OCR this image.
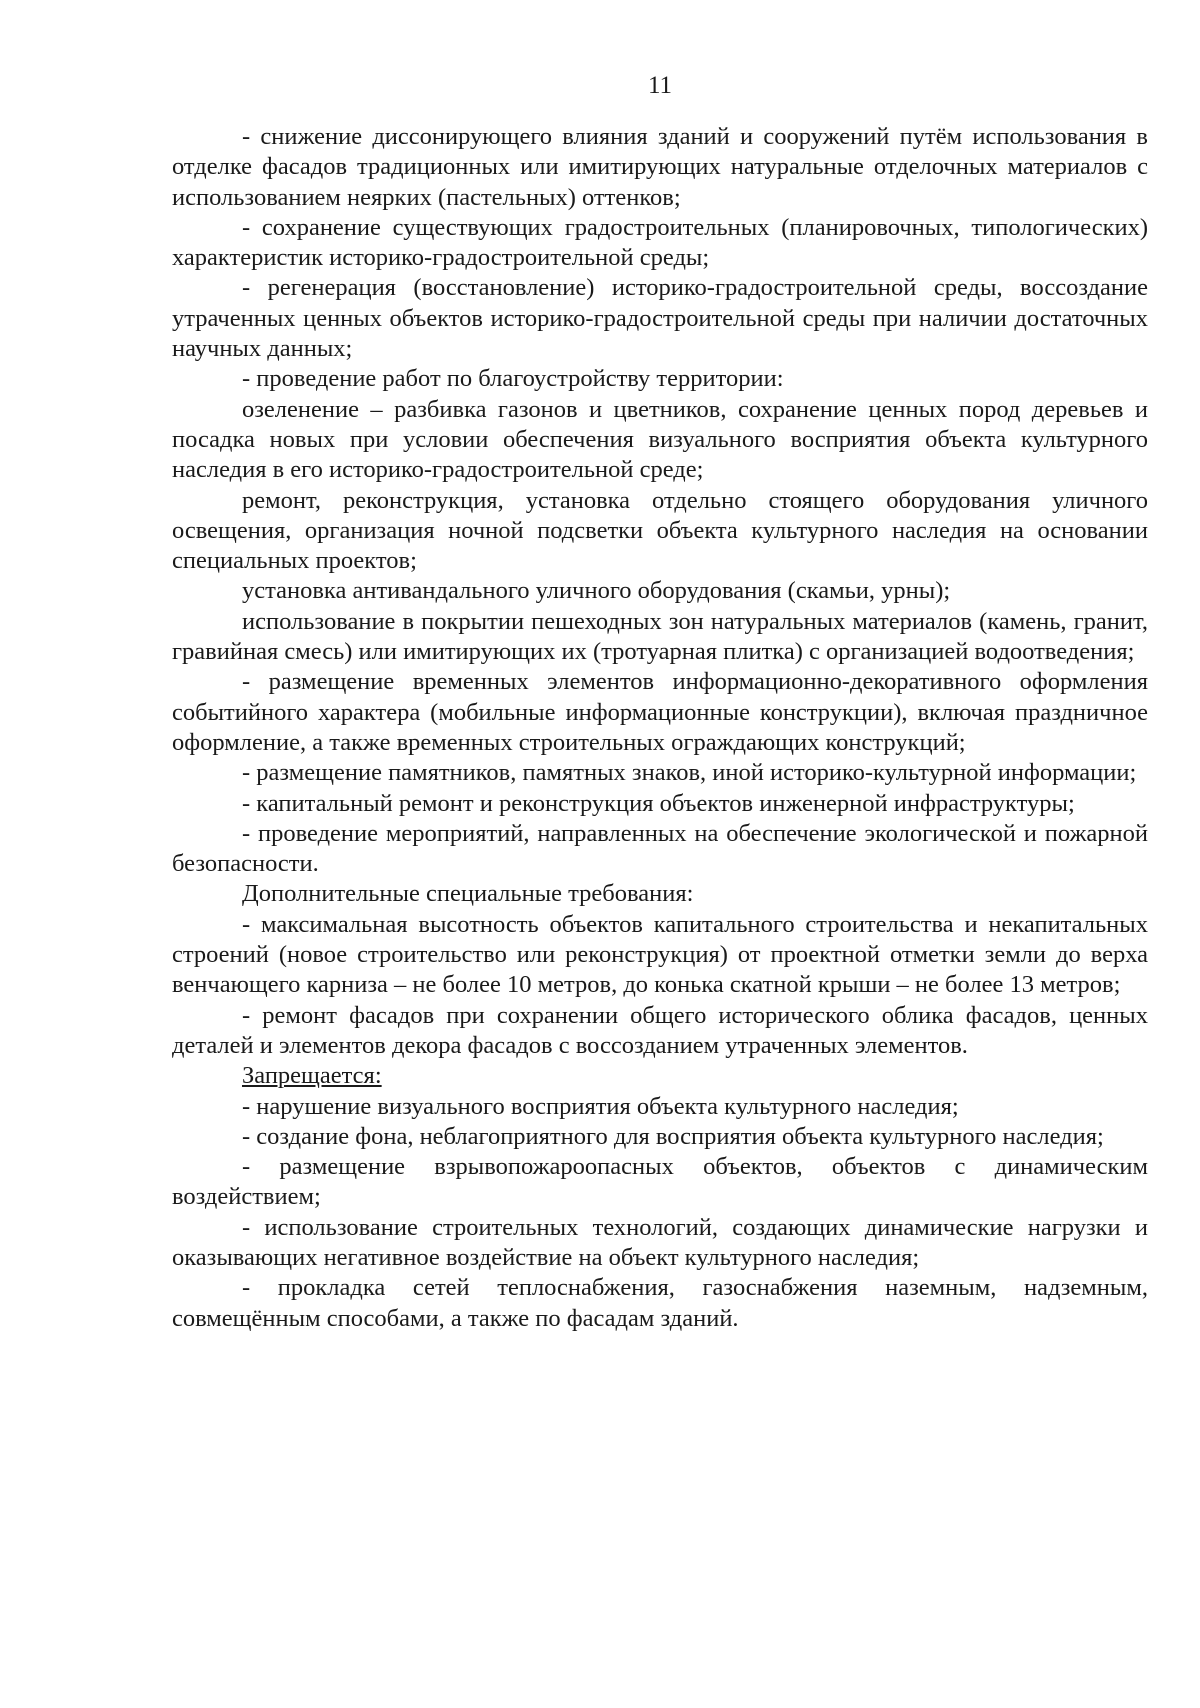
11

- снижение диссонирующего влияния зданий и сооружений путём использования в отделке фасадов традиционных или имитирующих натуральные отделочных материалов с использованием неярких (пастельных) оттенков;

- сохранение существующих градостроительных (планировочных, типологических) характеристик историко-градостроительной среды;

- регенерация (восстановление) историко-градостроительной среды, воссоздание утраченных ценных объектов историко-градостроительной среды при наличии достаточных научных данных;

- проведение работ по благоустройству территории:

озеленение – разбивка газонов и цветников, сохранение ценных пород деревьев и посадка новых при условии обеспечения визуального восприятия объекта культурного наследия в его историко-градостроительной среде;

ремонт, реконструкция, установка отдельно стоящего оборудования уличного освещения, организация ночной подсветки объекта культурного наследия на основании специальных проектов;

установка антивандального уличного оборудования (скамьи, урны);

использование в покрытии пешеходных зон натуральных материалов (камень, гранит, гравийная смесь) или имитирующих их (тротуарная плитка) с организацией водоотведения;

- размещение временных элементов информационно-декоративного оформления событийного характера (мобильные информационные конструкции), включая праздничное оформление, а также временных строительных ограждающих конструкций;

- размещение памятников, памятных знаков, иной историко-культурной информации;

- капитальный ремонт и реконструкция объектов инженерной инфраструктуры;

- проведение мероприятий, направленных на обеспечение экологической и пожарной безопасности.

Дополнительные специальные требования:

- максимальная высотность объектов капитального строительства и некапитальных строений (новое строительство или реконструкция) от проектной отметки земли до верха венчающего карниза – не более 10 метров, до конька скатной крыши – не более 13 метров;

- ремонт фасадов при сохранении общего исторического облика фасадов, ценных деталей и элементов декора фасадов с воссозданием утраченных элементов.

Запрещается:

- нарушение визуального восприятия объекта культурного наследия;

- создание фона, неблагоприятного для восприятия объекта культурного наследия;

- размещение взрывопожароопасных объектов, объектов с динамическим воздействием;

- использование строительных технологий, создающих динамические нагрузки и оказывающих негативное воздействие на объект культурного наследия;

- прокладка сетей теплоснабжения, газоснабжения наземным, надземным, совмещённым способами, а также по фасадам зданий.
